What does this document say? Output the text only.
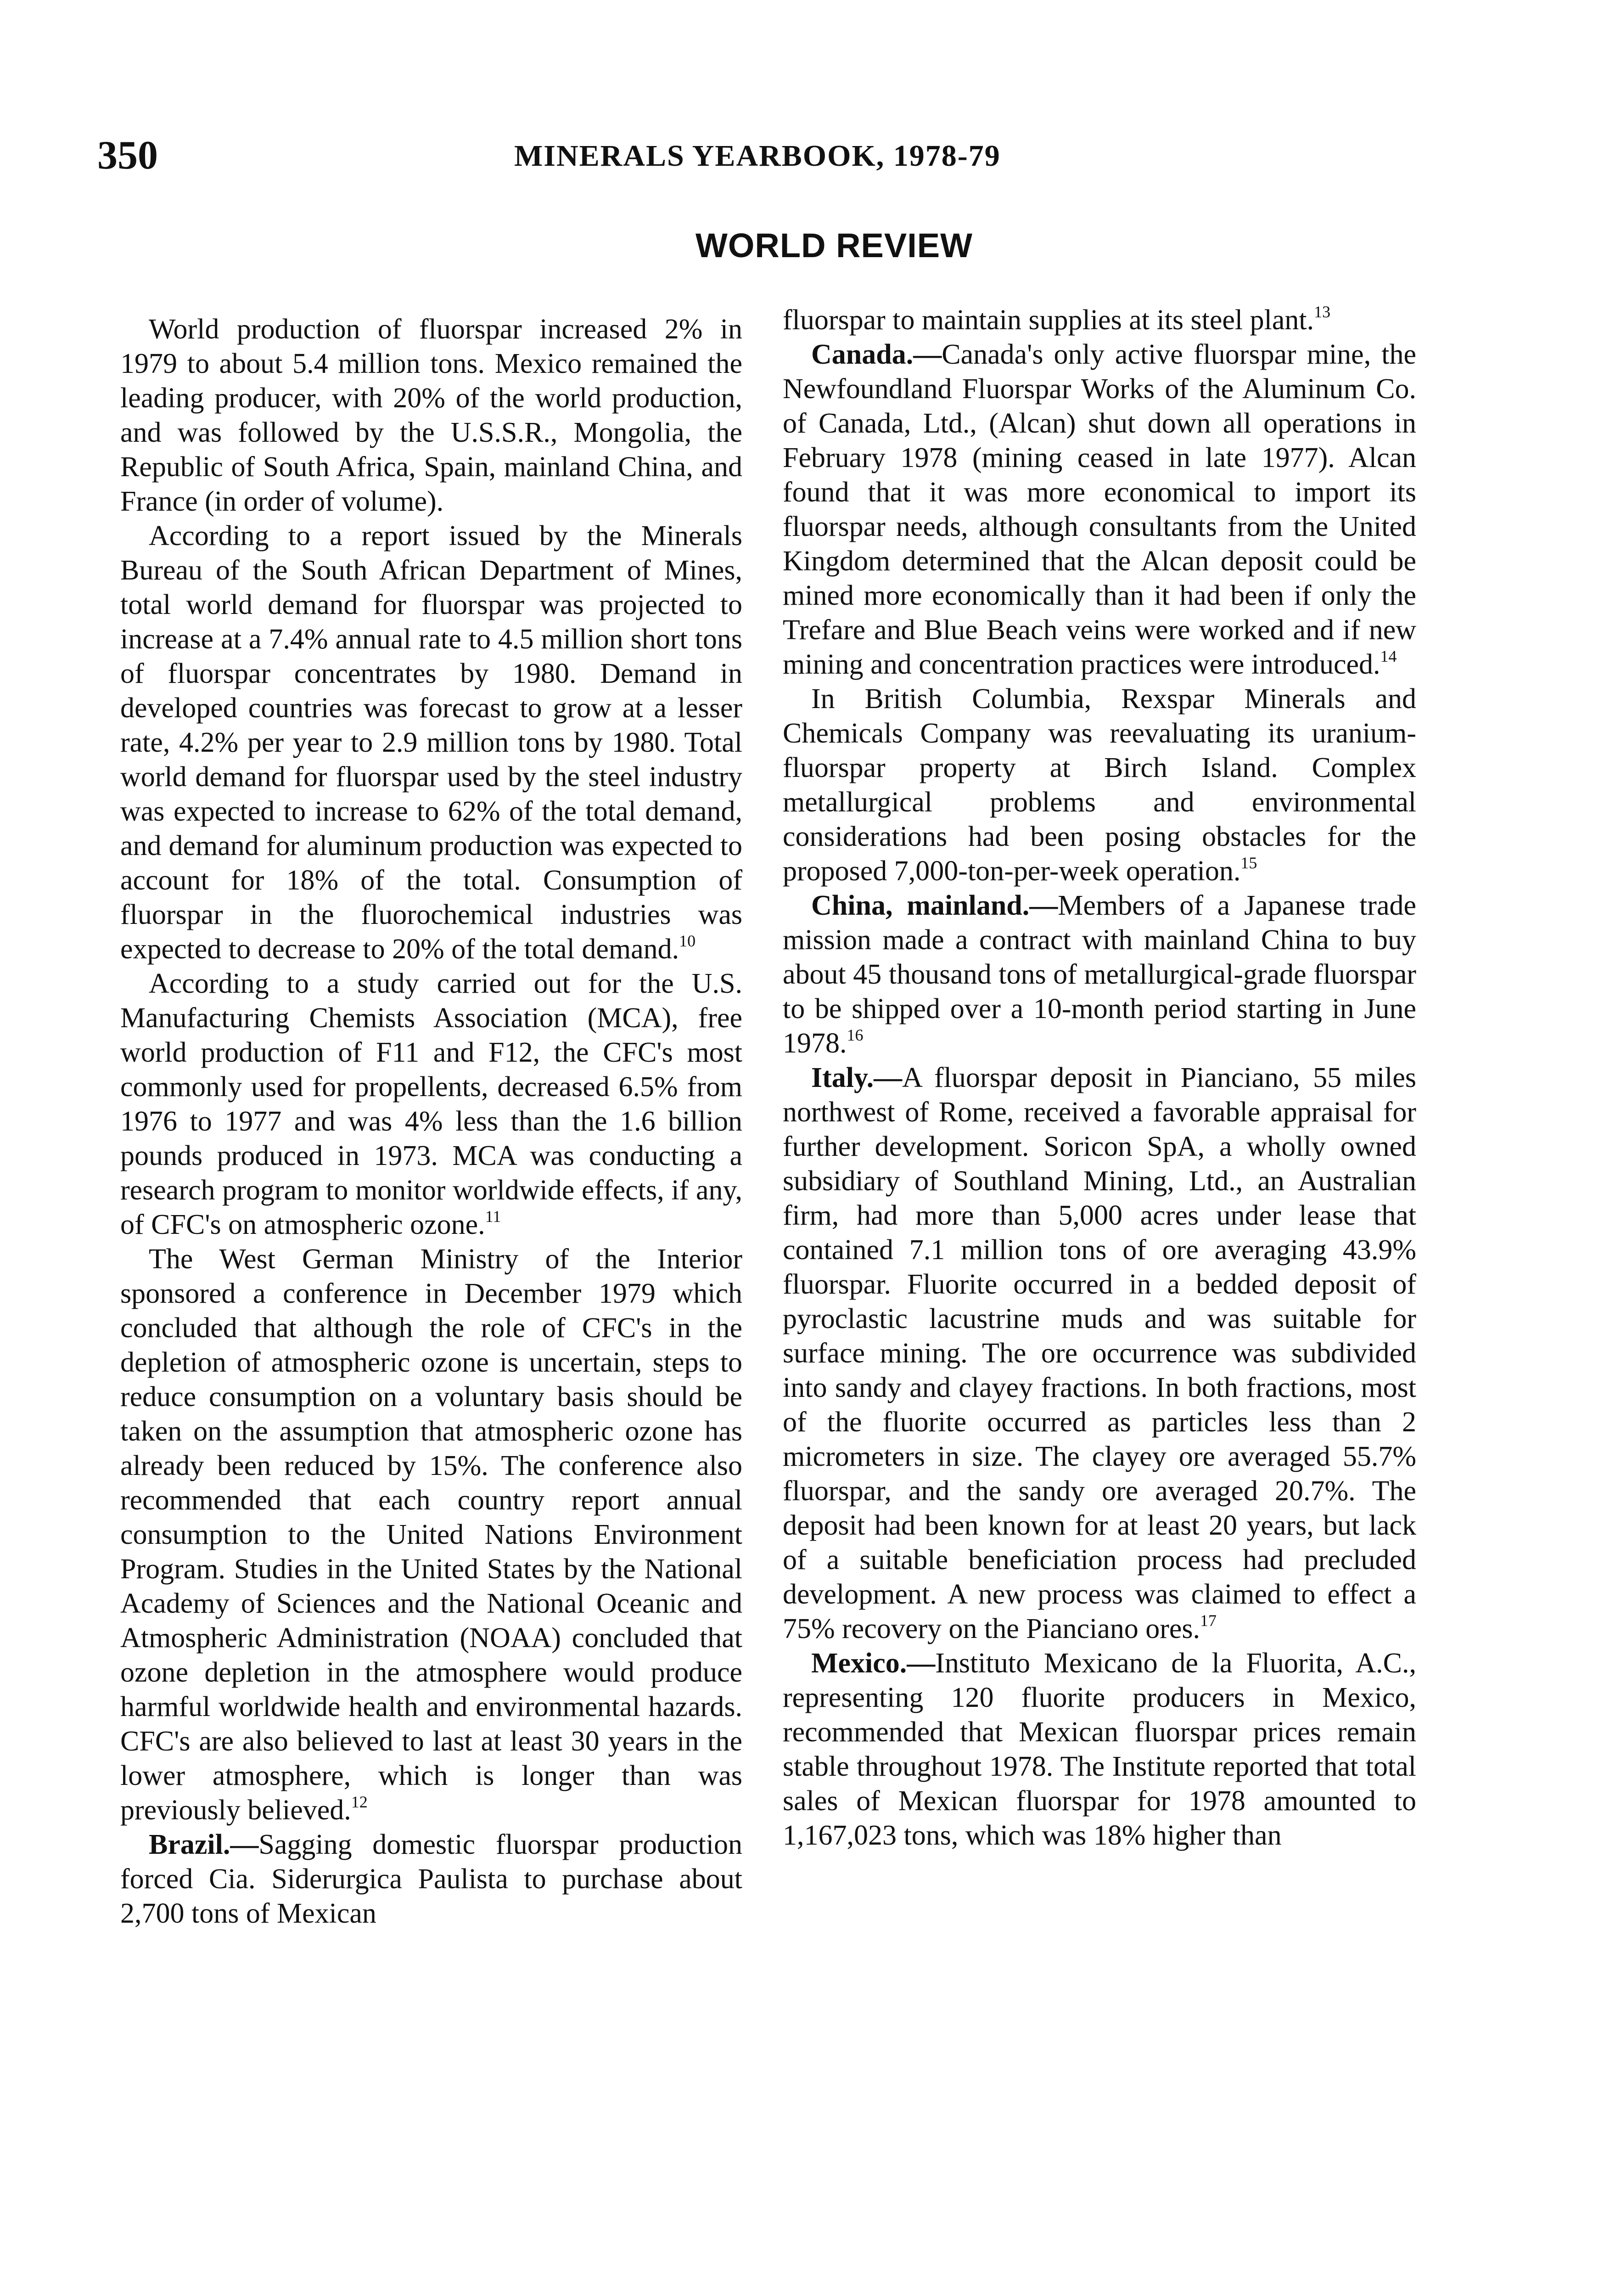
350	MINERALS YEARBOOK, 1978-79
WORLD REVIEW

World production of fluorspar increased 2% in 1979 to about 5.4 million tons. Mexico remained the leading producer, with 20% of the world production, and was followed by the U.S.S.R., Mongolia, the Republic of South Africa, Spain, mainland China, and France (in order of volume).

According to a report issued by the Minerals Bureau of the South African Department of Mines, total world demand for fluorspar was projected to increase at a 7.4% annual rate to 4.5 million short tons of fluorspar concentrates by 1980. Demand in developed countries was forecast to grow at a lesser rate, 4.2% per year to 2.9 million tons by 1980. Total world demand for fluorspar used by the steel industry was expected to increase to 62% of the total demand, and demand for aluminum production was expected to account for 18% of the total. Consumption of fluorspar in the fluorochemical industries was expected to decrease to 20% of the total demand.$^{10}$

According to a study carried out for the U.S. Manufacturing Chemists Association (MCA), free world production of F11 and F12, the CFC's most commonly used for propellents, decreased 6.5% from 1976 to 1977 and was 4% less than the 1.6 billion pounds produced in 1973. MCA was conducting a research program to monitor worldwide effects, if any, of CFC's on atmospheric ozone.$^{11}$

The West German Ministry of the Interior sponsored a conference in December 1979 which concluded that although the role of CFC's in the depletion of atmospheric ozone is uncertain, steps to reduce consumption on a voluntary basis should be taken on the assumption that atmospheric ozone has already been reduced by 15%. The conference also recommended that each country report annual consumption to the United Nations Environment Program. Studies in the United States by the National Academy of Sciences and the National Oceanic and Atmospheric Administration (NOAA) concluded that ozone depletion in the atmosphere would produce harmful worldwide health and environmental hazards. CFC's are also believed to last at least 30 years in the lower atmosphere, which is longer than was previously believed.$^{12}$

Brazil.—Sagging domestic fluorspar production forced Cia. Siderurgica Paulista to purchase about 2,700 tons of Mexican

fluorspar to maintain supplies at its steel plant.$^{13}$

Canada.—Canada's only active fluorspar mine, the Newfoundland Fluorspar Works of the Aluminum Co. of Canada, Ltd., (Alcan) shut down all operations in February 1978 (mining ceased in late 1977). Alcan found that it was more economical to import its fluorspar needs, although consultants from the United Kingdom determined that the Alcan deposit could be mined more economically than it had been if only the Trefare and Blue Beach veins were worked and if new mining and concentration practices were introduced.$^{14}$

In British Columbia, Rexspar Minerals and Chemicals Company was reevaluating its uranium-fluorspar property at Birch Island. Complex metallurgical problems and environmental considerations had been posing obstacles for the proposed 7,000-ton-per-week operation.$^{15}$

China, mainland.—Members of a Japanese trade mission made a contract with mainland China to buy about 45 thousand tons of metallurgical-grade fluorspar to be shipped over a 10-month period starting in June 1978.16

Italy.—A fluorspar deposit in Pianciano, 55 miles northwest of Rome, received a favorable appraisal for further development. Soricon SpA, a wholly owned subsidiary of Southland Mining, Ltd., an Australian firm, had more than 5,000 acres under lease that contained 7.1 million tons of ore averaging 43.9% fluorspar. Fluorite occurred in a bedded deposit of pyroclastic lacustrine muds and was suitable for surface mining. The ore occurrence was subdivided into sandy and clayey fractions. In both fractions, most of the fluorite occurred as particles less than 2 micrometers in size. The clayey ore averaged 55.7% fluorspar, and the sandy ore averaged 20.7%. The deposit had been known for at least 20 years, but lack of a suitable beneficiation process had precluded development. A new process was claimed to effect a 75% recovery on the Pianciano ores.$^{17}$

Mexico.—Instituto Mexicano de la Fluorita, A.C., representing 120 fluorite producers in Mexico, recommended that Mexican fluorspar prices remain stable throughout 1978. The Institute reported that total sales of Mexican fluorspar for 1978 amounted to 1,167,023 tons, which was 18% higher than
